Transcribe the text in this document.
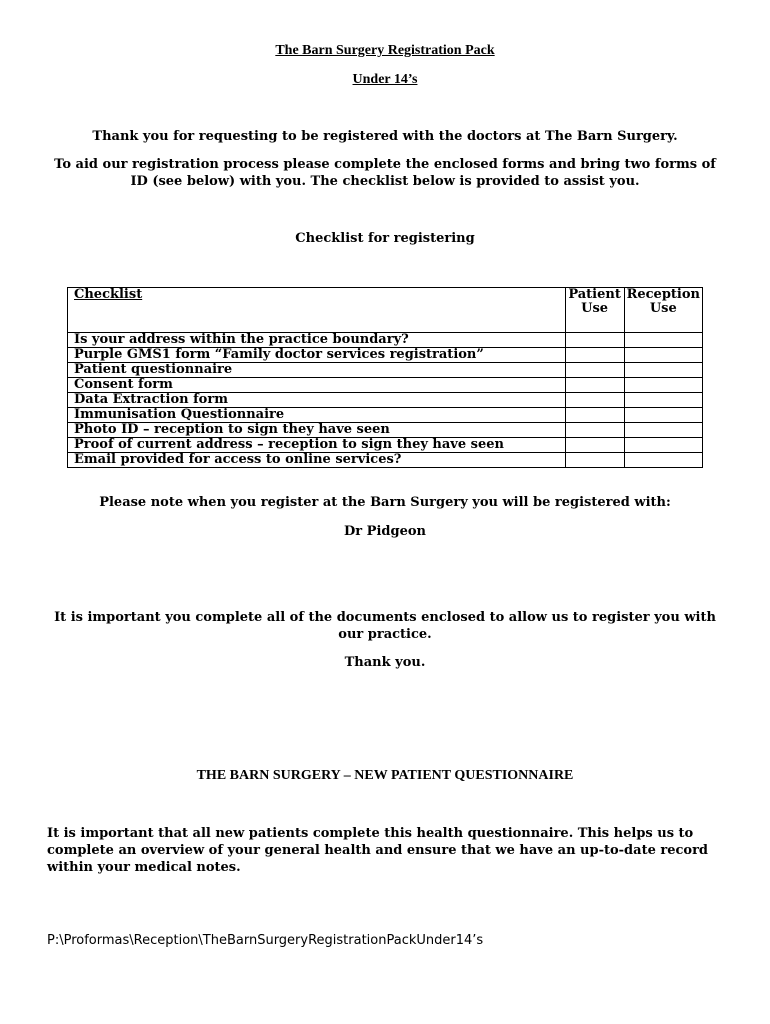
The Barn Surgery Registration Pack
Under 14’s
Thank you for requesting to be registered with the doctors at The Barn Surgery.
To aid our registration process please complete the enclosed forms and bring two forms of
ID (see below) with you. The checklist below is provided to assist you.
Checklist for registering
Checklist	Patient Use	Reception Use
Is your address within the practice boundary?		
Purple GMS1 form “Family doctor services registration”		
Patient questionnaire		
Consent form		
Data Extraction form		
Immunisation Questionnaire		
Photo ID – reception to sign they have seen		
Proof of current address – reception to sign they have seen		
Email provided for access to online services?		
Please note when you register at the Barn Surgery you will be registered with:
Dr Pidgeon
It is important you complete all of the documents enclosed to allow us to register you with
our practice.
Thank you.
THE BARN SURGERY – NEW PATIENT QUESTIONNAIRE
It is important that all new patients complete this health questionnaire. This helps us to
complete an overview of your general health and ensure that we have an up-to-date record
within your medical notes.
P:\Proformas\Reception\TheBarnSurgeryRegistrationPackUnder14’s
